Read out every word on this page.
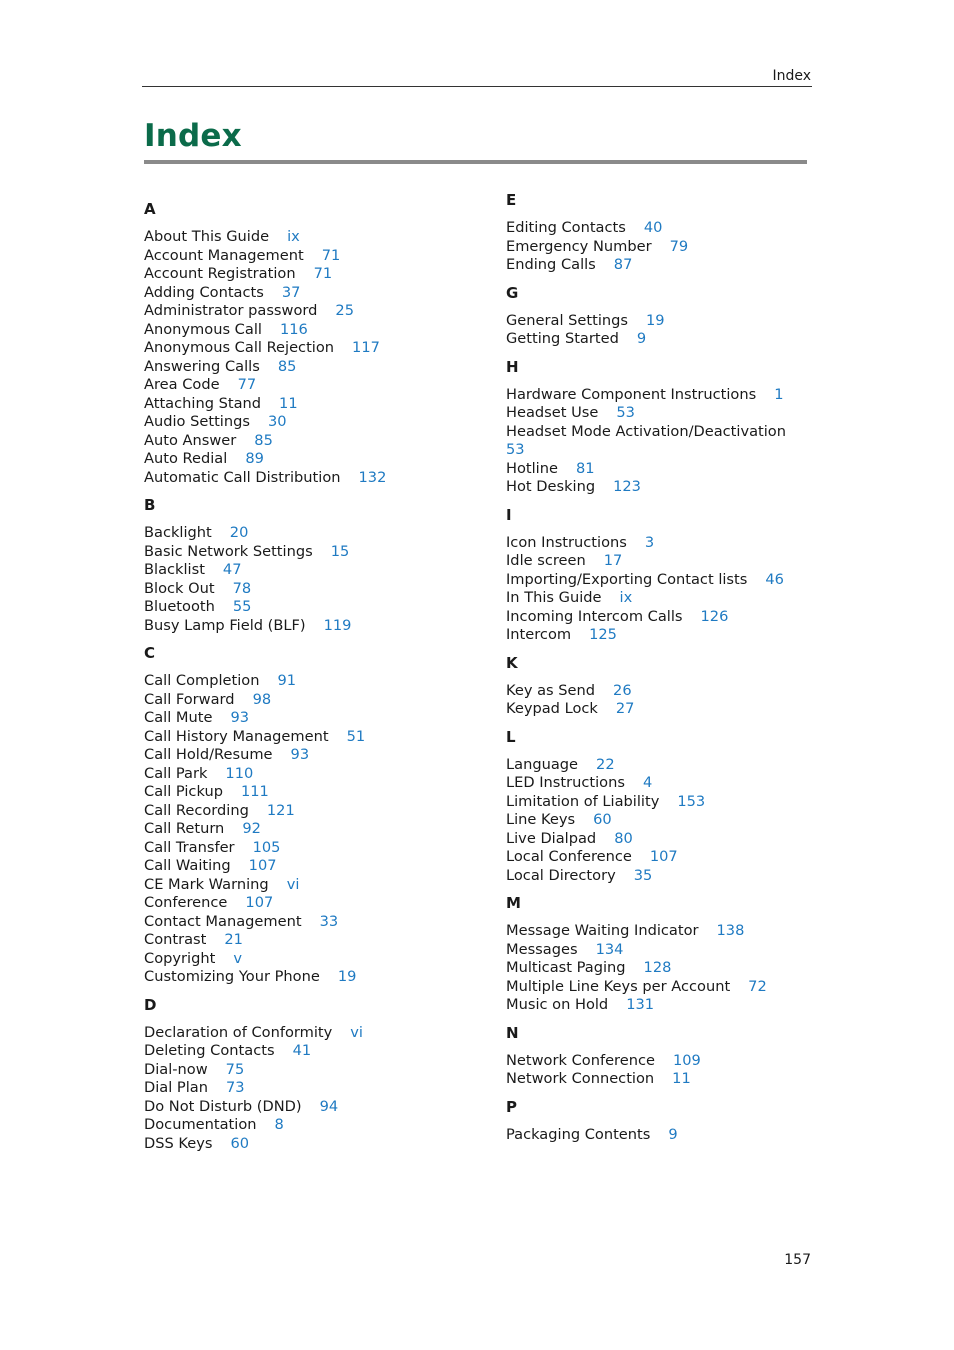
Index
Index
A
About This Guide ix
Account Management 71
Account Registration 71
Adding Contacts 37
Administrator password 25
Anonymous Call 116
Anonymous Call Rejection 117
Answering Calls 85
Area Code 77
Attaching Stand 11
Audio Settings 30
Auto Answer 85
Auto Redial 89
Automatic Call Distribution 132
B
Backlight 20
Basic Network Settings 15
Blacklist 47
Block Out 78
Bluetooth 55
Busy Lamp Field (BLF) 119
C
Call Completion 91
Call Forward 98
Call Mute 93
Call History Management 51
Call Hold/Resume 93
Call Park 110
Call Pickup 111
Call Recording 121
Call Return 92
Call Transfer 105
Call Waiting 107
CE Mark Warning vi
Conference 107
Contact Management 33
Contrast 21
Copyright v
Customizing Your Phone 19
D
Declaration of Conformity vi
Deleting Contacts 41
Dial-now 75
Dial Plan 73
Do Not Disturb (DND) 94
Documentation 8
DSS Keys 60
E
Editing Contacts 40
Emergency Number 79
Ending Calls 87
G
General Settings 19
Getting Started 9
H
Hardware Component Instructions 1
Headset Use 53
Headset Mode Activation/Deactivation
53
Hotline 81
Hot Desking 123
I
Icon Instructions 3
Idle screen 17
Importing/Exporting Contact lists 46
In This Guide ix
Incoming Intercom Calls 126
Intercom 125
K
Key as Send 26
Keypad Lock 27
L
Language 22
LED Instructions 4
Limitation of Liability 153
Line Keys 60
Live Dialpad 80
Local Conference 107
Local Directory 35
M
Message Waiting Indicator 138
Messages 134
Multicast Paging 128
Multiple Line Keys per Account 72
Music on Hold 131
N
Network Conference 109
Network Connection 11
P
Packaging Contents 9
157
